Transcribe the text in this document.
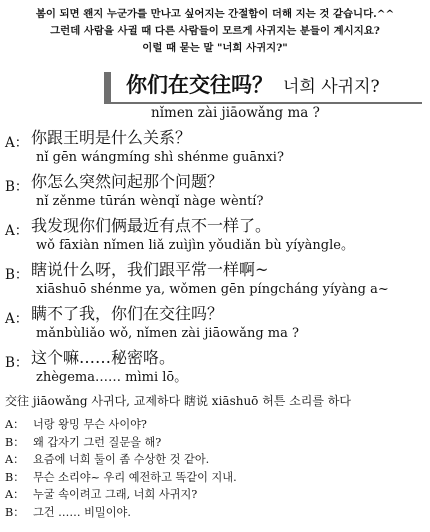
봄이 되면 왠지 누군가를 만나고 싶어지는 간절함이 더해 지는 것 같습니다.^^
그런데 사람을 사귈 때 다른 사람들이 모르게 사귀지는 분들이 계시지요?
이럴 때 묻는 말 "너희 사귀지?"
你们在交往吗？ 너희 사귀지?
nǐmen zài jiāowǎng ma ?
A： 你跟王明是什么关系？
nǐ gēn wángmíng shì shénme guānxi?
B： 你怎么突然问起那个问题？
nǐ zěnme tūrán wènqǐ nàge wèntí?
A： 我发现你们俩最近有点不一样了。
wǒ fāxiàn nǐmen liǎ zuìjìn yǒudiǎn bù yíyàngle。
B： 瞎说什么呀，我们跟平常一样啊~
xiāshuō shénme ya, wǒmen gēn píngcháng yíyàng a~
A： 瞒不了我，你们在交往吗？
mǎnbùliǎo wǒ, nǐmen zài jiāowǎng ma ?
B： 这个嘛……秘密咯。
zhègema…… mìmi lō。
交往 jiāowǎng 사귀다, 교제하다 瞎说 xiāshuō 허튼 소리를 하다
A： 너랑 왕밍 무슨 사이야?
B： 왜 갑자기 그런 질문을 해?
A： 요즘에 너희 둘이 좀 수상한 것 같아.
B： 무슨 소리야~ 우리 예전하고 똑같이 지내.
A： 누굴 속이려고 그래, 너희 사귀지?
B： 그건 …… 비밀이야.
